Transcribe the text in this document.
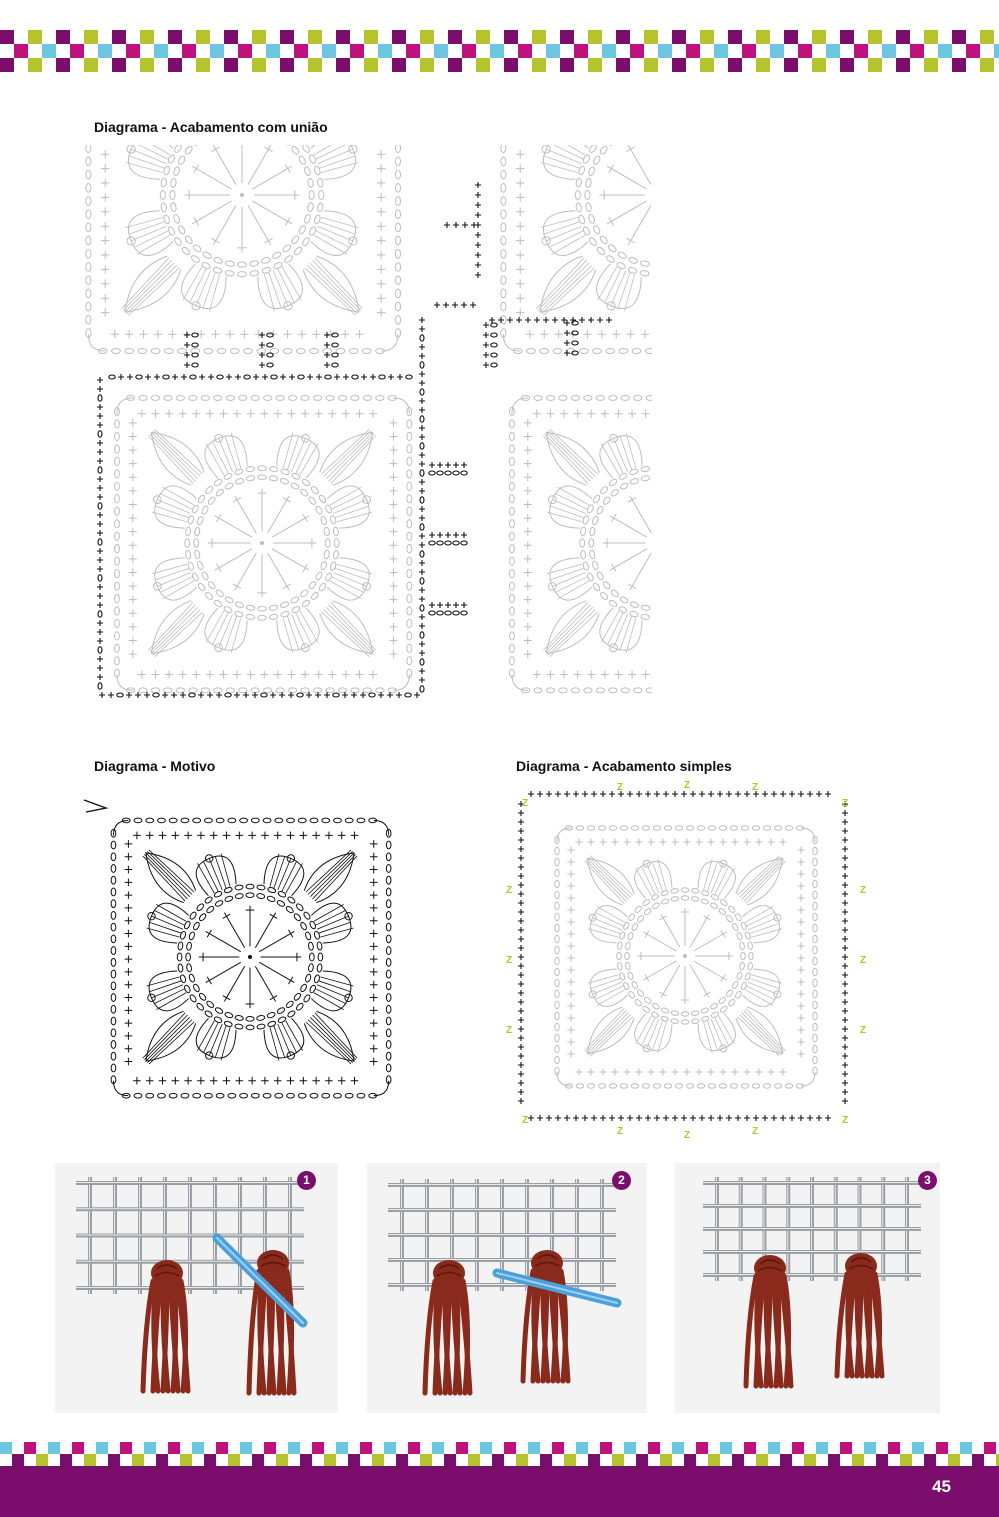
Diagrama - Acabamento com união
Diagrama - Motivo	Diagrama - Acabamento simples
Z	Z
Z	Z
Z	Z	Z
Z	Z	Z
Z
Z
Z
Z
Z
Z
1	2	3
45
